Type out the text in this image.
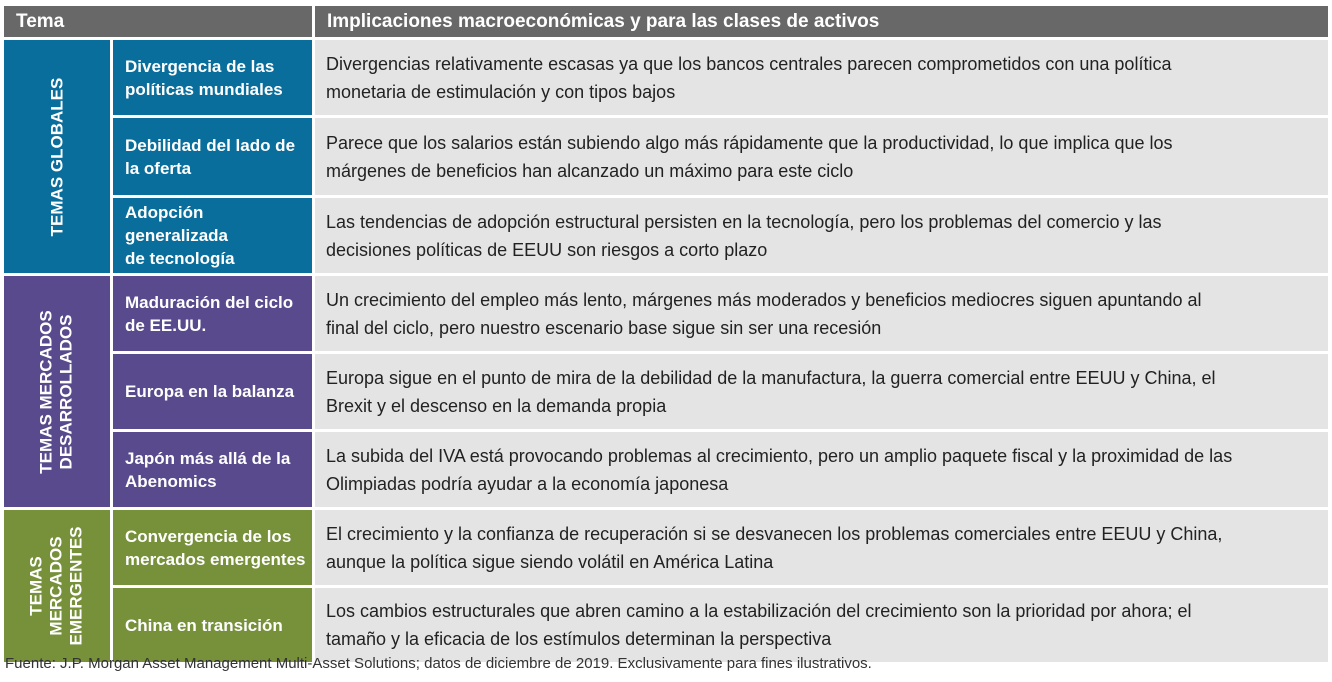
Tema	Implicaciones macroeconómicas y para las clases de activos
TEMAS GLOBALES
TEMAS MERCADOS DESARROLLADOS
TEMAS MERCADOS EMERGENTES
Divergencia de las
políticas mundiales
Divergencias relativamente escasas ya que los bancos centrales parecen comprometidos con una política
monetaria de estimulación y con tipos bajos
Debilidad del lado de
la oferta
Parece que los salarios están subiendo algo más rápidamente que la productividad, lo que implica que los
márgenes de beneficios han alcanzado un máximo para este ciclo
Adopción generalizada
de tecnología
Las tendencias de adopción estructural persisten en la tecnología, pero los problemas del comercio y las
decisiones políticas de EEUU son riesgos a corto plazo
Maduración del ciclo
de EE.UU.
Un crecimiento del empleo más lento, márgenes más moderados y beneficios mediocres siguen apuntando al
final del ciclo, pero nuestro escenario base sigue sin ser una recesión
Europa en la balanza
Europa sigue en el punto de mira de la debilidad de la manufactura, la guerra comercial entre EEUU y China, el
Brexit y el descenso en la demanda propia
Japón más allá de la
Abenomics
La subida del IVA está provocando problemas al crecimiento, pero un amplio paquete fiscal y la proximidad de las
Olimpiadas podría ayudar a la economía japonesa
Convergencia de los
mercados emergentes
El crecimiento y la confianza de recuperación si se desvanecen los problemas comerciales entre EEUU y China,
aunque la política sigue siendo volátil en América Latina
China en transición
Los cambios estructurales que abren camino a la estabilización del crecimiento son la prioridad por ahora; el
tamaño y la eficacia de los estímulos determinan la perspectiva
Fuente: J.P. Morgan Asset Management Multi-Asset Solutions; datos de diciembre de 2019. Exclusivamente para fines ilustrativos.
